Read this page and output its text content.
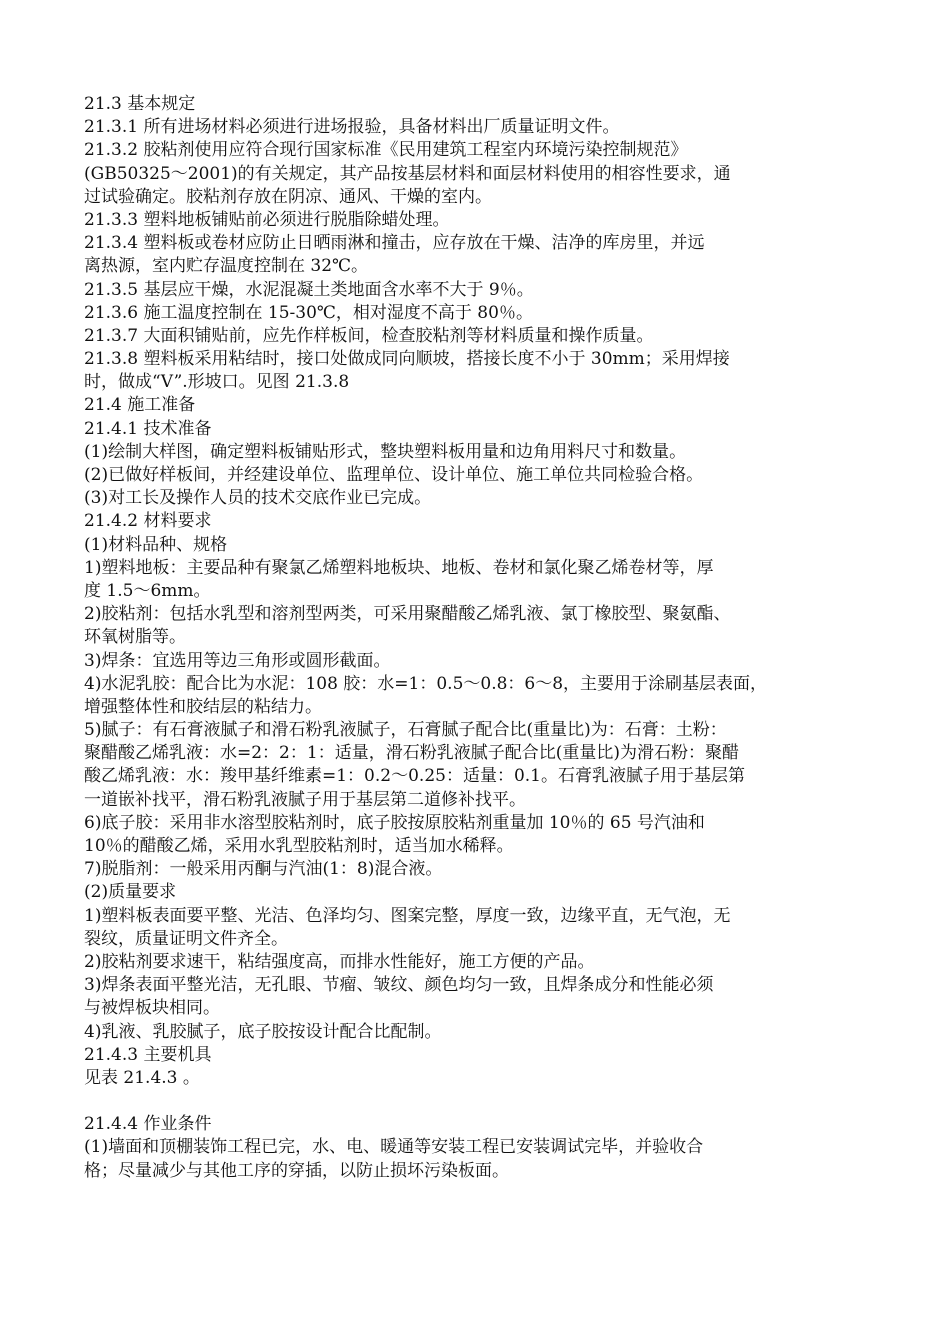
21.3 基本规定
21.3.1 所有进场材料必须进行进场报验，具备材料出厂质量证明文件。
21.3.2 胶粘剂使用应符合现行国家标准《民用建筑工程室内环境污染控制规范》
(GB50325～2001)的有关规定，其产品按基层材料和面层材料使用的相容性要求，通
过试验确定。胶粘剂存放在阴凉、通风、干燥的室内。
21.3.3 塑料地板铺贴前必须进行脱脂除蜡处理。
21.3.4 塑料板或卷材应防止日晒雨淋和撞击，应存放在干燥、洁净的库房里，并远
离热源，室内贮存温度控制在 32℃。
21.3.5 基层应干燥，水泥混凝土类地面含水率不大于 9％。
21.3.6 施工温度控制在 15-30℃，相对湿度不高于 80％。
21.3.7 大面积铺贴前，应先作样板间，检查胶粘剂等材料质量和操作质量。
21.3.8 塑料板采用粘结时，接口处做成同向顺坡，搭接长度不小于 30mm；采用焊接
时，做成“V”.形坡口。见图 21.3.8
21.4 施工准备
21.4.1 技术准备
(1)绘制大样图，确定塑料板铺贴形式，整块塑料板用量和边角用料尺寸和数量。
(2)已做好样板间，并经建设单位、监理单位、设计单位、施工单位共同检验合格。
(3)对工长及操作人员的技术交底作业已完成。
21.4.2 材料要求
(1)材料品种、规格
1)塑料地板：主要品种有聚氯乙烯塑料地板块、地板、卷材和氯化聚乙烯卷材等，厚
度 1.5～6mm。
2)胶粘剂：包括水乳型和溶剂型两类，可采用聚醋酸乙烯乳液、氯丁橡胶型、聚氨酯、
环氧树脂等。
3)焊条：宜选用等边三角形或圆形截面。
4)水泥乳胶：配合比为水泥：108 胶：水=1：0.5～0.8：6～8，主要用于涂刷基层表面，
增强整体性和胶结层的粘结力。
5)腻子：有石膏液腻子和滑石粉乳液腻子，石膏腻子配合比(重量比)为：石膏：土粉：
聚醋酸乙烯乳液：水=2：2：1：适量，滑石粉乳液腻子配合比(重量比)为滑石粉：聚醋
酸乙烯乳液：水：羧甲基纤维素=1：0.2～0.25：适量：0.1。石膏乳液腻子用于基层第
一道嵌补找平，滑石粉乳液腻子用于基层第二道修补找平。
6)底子胶：采用非水溶型胶粘剂时，底子胶按原胶粘剂重量加 10％的 65 号汽油和
10％的醋酸乙烯，采用水乳型胶粘剂时，适当加水稀释。
7)脱脂剂：一般采用丙酮与汽油(1：8)混合液。
(2)质量要求
1)塑料板表面要平整、光洁、色泽均匀、图案完整，厚度一致，边缘平直，无气泡，无
裂纹，质量证明文件齐全。
2)胶粘剂要求速干，粘结强度高，而排水性能好，施工方便的产品。
3)焊条表面平整光洁，无孔眼、节瘤、皱纹、颜色均匀一致，且焊条成分和性能必须
与被焊板块相同。
4)乳液、乳胶腻子，底子胶按设计配合比配制。
21.4.3 主要机具
见表 21.4.3 。
21.4.4 作业条件
(1)墙面和顶棚装饰工程已完，水、电、暖通等安装工程已安装调试完毕，并验收合
格；尽量减少与其他工序的穿插，以防止损坏污染板面。
